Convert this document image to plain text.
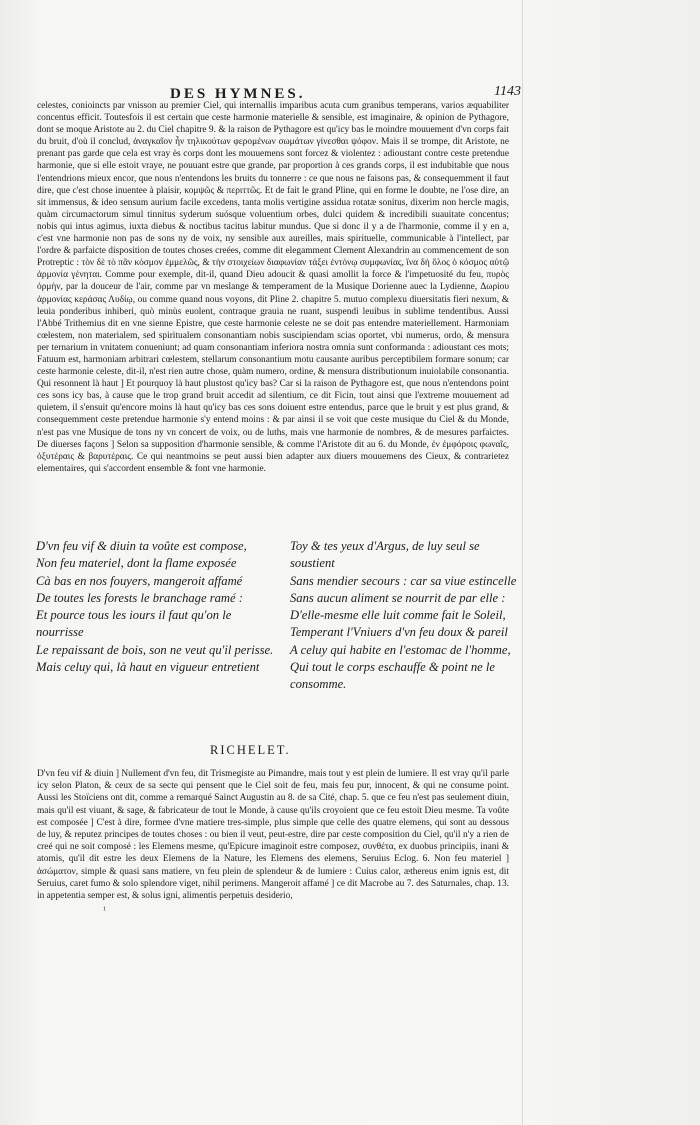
DES HYMNES.	1143

celestes, conioincts par vnisson au premier Ciel, qui internallis imparibus acuta cum granibus temperans, varios æquabiliter concentus efficit. Toutesfois il est certain que ceste harmonie materielle & sensible, est imaginaire, & opinion de Pythagore, dont se moque Aristote au 2. du Ciel chapitre 9. & la raison de Pythagore est qu'icy bas le moindre mouuement d'vn corps fait du bruit, d'où il conclud, ἀναγκαῖον ἦν τηλικούτων φερομένων σωμάτων γίνεσθαι ψόφον. Mais il se trompe, dit Aristote, ne prenant pas garde que cela est vray ès corps dont les mouuemens sont forcez & violentez : adioustant contre ceste pretendue harmonie, que si elle estoit vraye, ne pouuant estre que grande, par proportion à ces grands corps, il est indubitable que nous l'entendrions mieux encor, que nous n'entendons les bruits du tonnerre : ce que nous ne faisons pas, & consequemment il faut dire, que c'est chose inuentee à plaisir, κομψῶς & περιττῶς. Et de fait le grand Pline, qui en forme le doubte, ne l'ose dire, an sit immensus, & ideo sensum aurium facile excedens, tanta molis vertigine assidua rotatæ sonitus, dixerim non hercle magis, quàm circumactorum simul tinnitus syderum suósque voluentium orbes, dulci quidem & incredibili suauitate concentus; nobis qui intus agimus, iuxta diebus & noctibus tacitus labitur mundus. Que si donc il y a de l'harmonie, comme il y en a, c'est vne harmonie non pas de sons ny de voix, ny sensible aux aureilles, mais spirituelle, communicable à l'intellect, par l'ordre & parfaicte disposition de toutes choses creées, comme dit elegamment Clement Alexandrin au commencement de son Protreptic : τὸν δὲ τὸ πᾶν κόσμον ἐμμελῶς, & τὴν στοιχείων διαφωνίαν τάξει ἐντόνῳ συμφωνίας, ἵνα δὴ ὅλος ὁ κόσμος αὐτῷ ἁρμονία γένηται. Comme pour exemple, dit-il, quand Dieu adoucit & quasi amollit la force & l'impetuosité du feu, πυρὸς ὁρμὴν, par la douceur de l'air, comme par vn meslange & temperament de la Musique Dorienne auec la Lydienne, Δωρίου ἁρμονίας κεράσας Λυδίῳ, ou comme quand nous voyons, dit Pline 2. chapitre 5. mutuo complexu diuersitatis fieri nexum, & leuia ponderibus inhiberi, quò minùs euolent, contraque grauia ne ruant, suspendi leuibus in sublime tendentibus. Aussi l'Abbé Trithemius dit en vne sienne Epistre, que ceste harmonie celeste ne se doit pas entendre materiellement. Harmoniam cœlestem, non materialem, sed spiritualem consonantiam nobis suscipiendam scias oportet, vbi numerus, ordo, & mensura per ternarium in vnitatem conueniunt; ad quam consonantiam inferiora nostra omnia sunt conformanda : adioustant ces mots; Fatuum est, harmoniam arbitrari cœlestem, stellarum consonantium motu causante auribus perceptibilem formare sonum; car ceste harmonie celeste, dit-il, n'est rien autre chose, quàm numero, ordine, & mensura distributionum inuiolabile consonantia. Qui resonnent là haut ] Et pourquoy là haut plustost qu'icy bas? Car si la raison de Pythagore est, que nous n'entendons point ces sons icy bas, à cause que le trop grand bruit accedit ad silentium, ce dit Ficin, tout ainsi que l'extreme mouuement ad quietem, il s'ensuit qu'encore moins là haut qu'icy bas ces sons doiuent estre entendus, parce que le bruit y est plus grand, & consequemment ceste pretendue harmonie s'y entend moins : & par ainsi il se voit que ceste musique du Ciel & du Monde, n'est pas vne Musique de tons ny vn concert de voix, ou de luths, mais vne harmonie de nombres, & de mesures parfaictes. De diuerses façons ] Selon sa supposition d'harmonie sensible, & comme l'Aristote dit au 6. du Monde, ἐν ἐμφόροις φωναῖς, ὀξυτέραις & βαρυτέραις. Ce qui neantmoins se peut aussi bien adapter aux diuers mouuemens des Cieux, & contrarietez elementaires, qui s'accordent ensemble & font vne harmonie.

D'vn feu vif & diuin ta voûte est compose,
Non feu materiel, dont la flame exposée
Cà bas en nos fouyers, mangeroit affamé
De toutes les forests le branchage ramé :
Et pource tous les iours il faut qu'on le nourrisse
Le repaissant de bois, son ne veut qu'il perisse.
Mais celuy qui, là haut en vigueur entretient
Toy & tes yeux d'Argus, de luy seul se soustient
Sans mendier secours : car sa viue estincelle
Sans aucun aliment se nourrit de par elle :
D'elle-mesme elle luit comme fait le Soleil,
Temperant l'Vniuers d'vn feu doux & pareil
A celuy qui habite en l'estomac de l'homme,
Qui tout le corps eschauffe & point ne le consomme.
RICHELET.

D'vn feu vif & diuin ] Nullement d'vn feu, dit Trismegiste au Pimandre, mais tout y est plein de lumiere. Il est vray qu'il parle icy selon Platon, & ceux de sa secte qui pensent que le Ciel soit de feu, mais feu pur, innocent, & qui ne consume point. Aussi les Stoïciens ont dit, comme a remarqué Sainct Augustin au 8. de sa Cité, chap. 5. que ce feu n'est pas seulement diuin, mais qu'il est viuant, & sage, & fabricateur de tout le Monde, à cause qu'ils croyoient que ce feu estoit Dieu mesme. Ta voûte est composée ] C'est à dire, formee d'vne matiere tres-simple, plus simple que celle des quatre elemens, qui sont au dessous de luy, & reputez principes de toutes choses : ou bien il veut, peut-estre, dire par ceste composition du Ciel, qu'il n'y a rien de creé qui ne soit composé : les Elemens mesme, qu'Epicure imaginoit estre composez, συνθέτα, ex duobus principiis, inani & atomis, qu'il dit estre les deux Elemens de la Nature, les Elemens des elemens, Seruius Eclog. 6. Non feu materiel ] ἀσώματον, simple & quasi sans matiere, vn feu plein de splendeur & de lumiere : Cuius calor, æthereus enim ignis est, dit Seruius, caret fumo & solo splendore viget, nihil perimens. Mangeroit affamé ] ce dit Macrobe au 7. des Saturnales, chap. 13. in appetentia semper est, & solus igni, alimentis perpetuis desiderio,

¹
